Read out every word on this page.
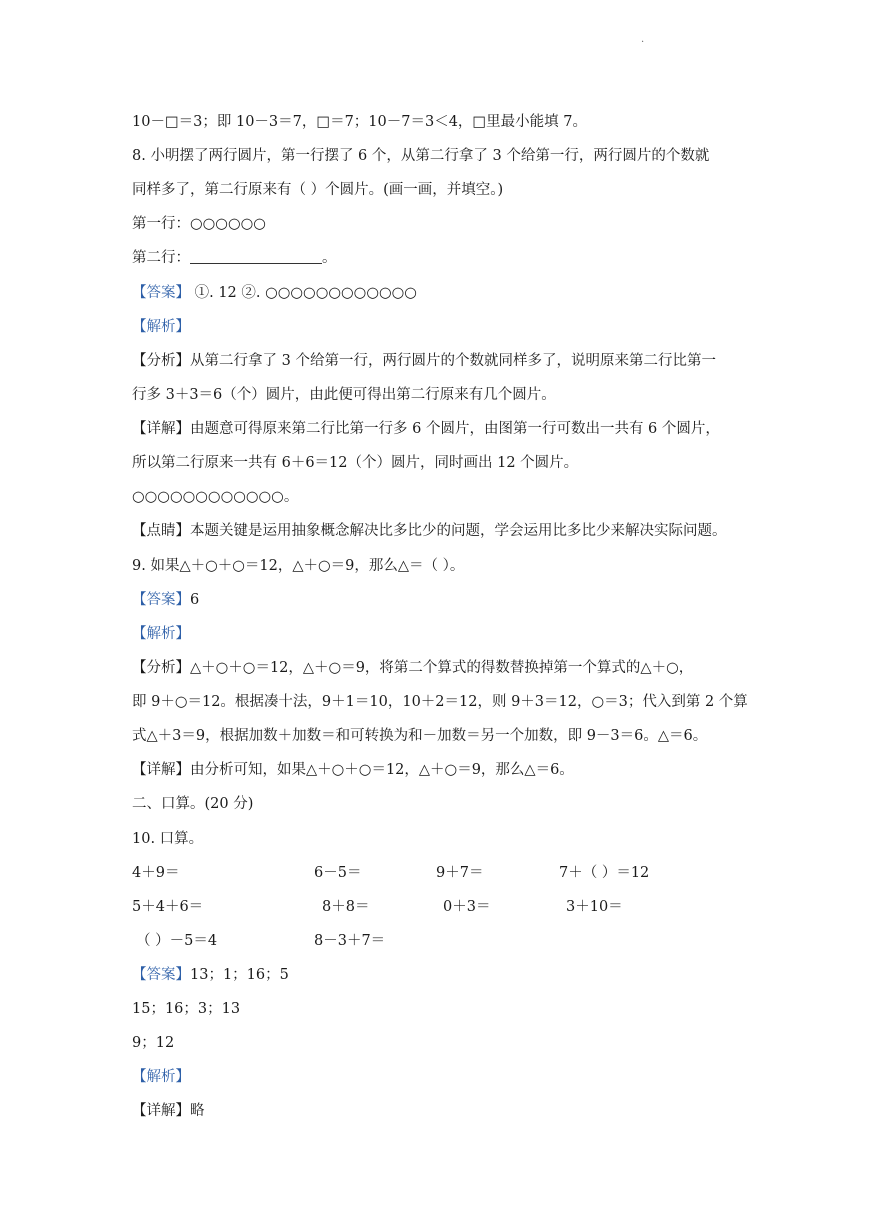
.
10－□＝3；即 10－3＝7，□＝7；10－7＝3＜4，□里最小能填 7。
8. 小明摆了两行圆片，第一行摆了 6 个，从第二行拿了 3 个给第一行，两行圆片的个数就
同样多了，第二行原来有（ ）个圆片。(画一画，并填空。)
第一行：○○○○○○
第二行：	。
【答案】 ①. 12 ②. ○○○○○○○○○○○○
【解析】
【分析】从第二行拿了 3 个给第一行，两行圆片的个数就同样多了，说明原来第二行比第一
行多 3＋3＝6（个）圆片，由此便可得出第二行原来有几个圆片。
【详解】由题意可得原来第二行比第一行多 6 个圆片，由图第一行可数出一共有 6 个圆片，
所以第二行原来一共有 6＋6＝12（个）圆片，同时画出 12 个圆片。
○○○○○○○○○○○○。
【点睛】本题关键是运用抽象概念解决比多比少的问题，学会运用比多比少来解决实际问题。
9. 如果△＋○＋○＝12，△＋○＝9，那么△＝（ ）。
【答案】6
【解析】
【分析】△＋○＋○＝12，△＋○＝9，将第二个算式的得数替换掉第一个算式的△＋○，
即 9＋○＝12。根据凑十法，9＋1＝10，10＋2＝12，则 9＋3＝12，○＝3；代入到第 2 个算
式△＋3＝9，根据加数＋加数＝和可转换为和－加数＝另一个加数，即 9－3＝6。△＝6。
【详解】由分析可知，如果△＋○＋○＝12，△＋○＝9，那么△＝6。
二、口算。(20 分)
10. 口算。
4＋9＝	6－5＝	9＋7＝	7＋（ ）＝12
5＋4＋6＝	8＋8＝	0＋3＝	3＋10＝
（ ）－5＝4	8－3＋7＝
【答案】13；1；16；5
15；16；3；13
9；12
【解析】
【详解】略
